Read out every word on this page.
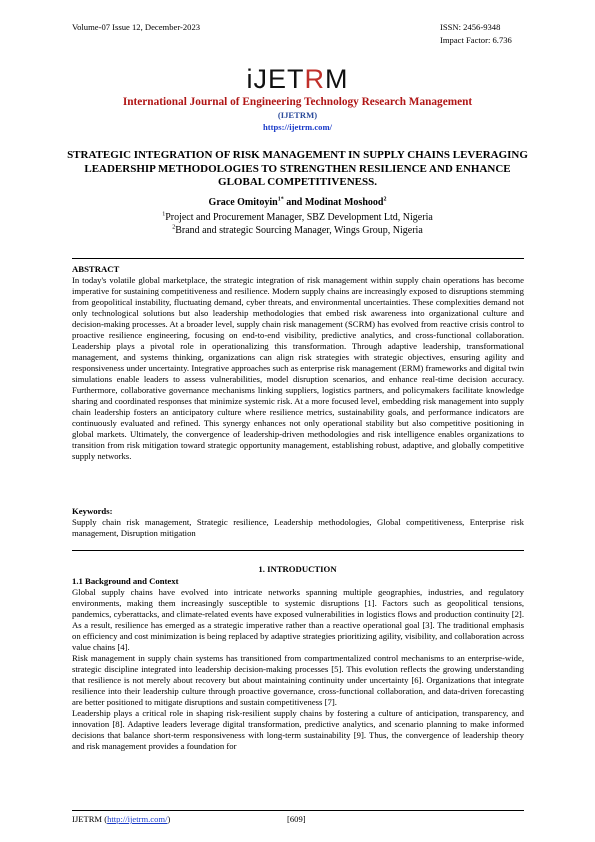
Volume-07 Issue 12, December-2023	ISSN: 2456-9348
Impact Factor: 6.736
iJETRM
International Journal of Engineering Technology Research Management
(IJETRM)
https://ijetrm.com/
STRATEGIC INTEGRATION OF RISK MANAGEMENT IN SUPPLY CHAINS LEVERAGING LEADERSHIP METHODOLOGIES TO STRENGTHEN RESILIENCE AND ENHANCE GLOBAL COMPETITIVENESS.
Grace Omitoyin$^{1*}$ and Modinat Moshood$^2$
$^1$Project and Procurement Manager, SBZ Development Ltd, Nigeria
$^2$Brand and strategic Sourcing Manager, Wings Group, Nigeria
ABSTRACT
In today's volatile global marketplace, the strategic integration of risk management within supply chain operations has become imperative for sustaining competitiveness and resilience. Modern supply chains are increasingly exposed to disruptions stemming from geopolitical instability, fluctuating demand, cyber threats, and environmental uncertainties. These complexities demand not only technological solutions but also leadership methodologies that embed risk awareness into organizational culture and decision-making processes. At a broader level, supply chain risk management (SCRM) has evolved from reactive crisis control to proactive resilience engineering, focusing on end-to-end visibility, predictive analytics, and cross-functional collaboration. Leadership plays a pivotal role in operationalizing this transformation. Through adaptive leadership, transformational management, and systems thinking, organizations can align risk strategies with strategic objectives, ensuring agility and responsiveness under uncertainty. Integrative approaches such as enterprise risk management (ERM) frameworks and digital twin simulations enable leaders to assess vulnerabilities, model disruption scenarios, and enhance real-time decision accuracy. Furthermore, collaborative governance mechanisms linking suppliers, logistics partners, and policymakers facilitate knowledge sharing and coordinated responses that minimize systemic risk. At a more focused level, embedding risk management into supply chain leadership fosters an anticipatory culture where resilience metrics, sustainability goals, and performance indicators are continuously evaluated and refined. This synergy enhances not only operational stability but also competitive positioning in global markets. Ultimately, the convergence of leadership-driven methodologies and risk intelligence enables organizations to transition from risk mitigation toward strategic opportunity management, establishing robust, adaptive, and globally competitive supply networks.
Keywords:
Supply chain risk management, Strategic resilience, Leadership methodologies, Global competitiveness, Enterprise risk management, Disruption mitigation
1. INTRODUCTION
1.1 Background and Context

Global supply chains have evolved into intricate networks spanning multiple geographies, industries, and regulatory environments, making them increasingly susceptible to systemic disruptions [1]. Factors such as geopolitical tensions, pandemics, cyberattacks, and climate-related events have exposed vulnerabilities in logistics flows and production continuity [2]. As a result, resilience has emerged as a strategic imperative rather than a reactive operational goal [3]. The traditional emphasis on efficiency and cost minimization is being replaced by adaptive strategies prioritizing agility, visibility, and collaboration across value chains [4].

Risk management in supply chain systems has transitioned from compartmentalized control mechanisms to an enterprise-wide, strategic discipline integrated into leadership decision-making processes [5]. This evolution reflects the growing understanding that resilience is not merely about recovery but about maintaining continuity under uncertainty [6]. Organizations that integrate resilience into their leadership culture through proactive governance, cross-functional collaboration, and data-driven forecasting are better positioned to mitigate disruptions and sustain competitiveness [7].

Leadership plays a critical role in shaping risk-resilient supply chains by fostering a culture of anticipation, transparency, and innovation [8]. Adaptive leaders leverage digital transformation, predictive analytics, and scenario planning to make informed decisions that balance short-term responsiveness with long-term sustainability [9]. Thus, the convergence of leadership theory and risk management provides a foundation for

IJETRM (http://ijetrm.com/)	[609]
